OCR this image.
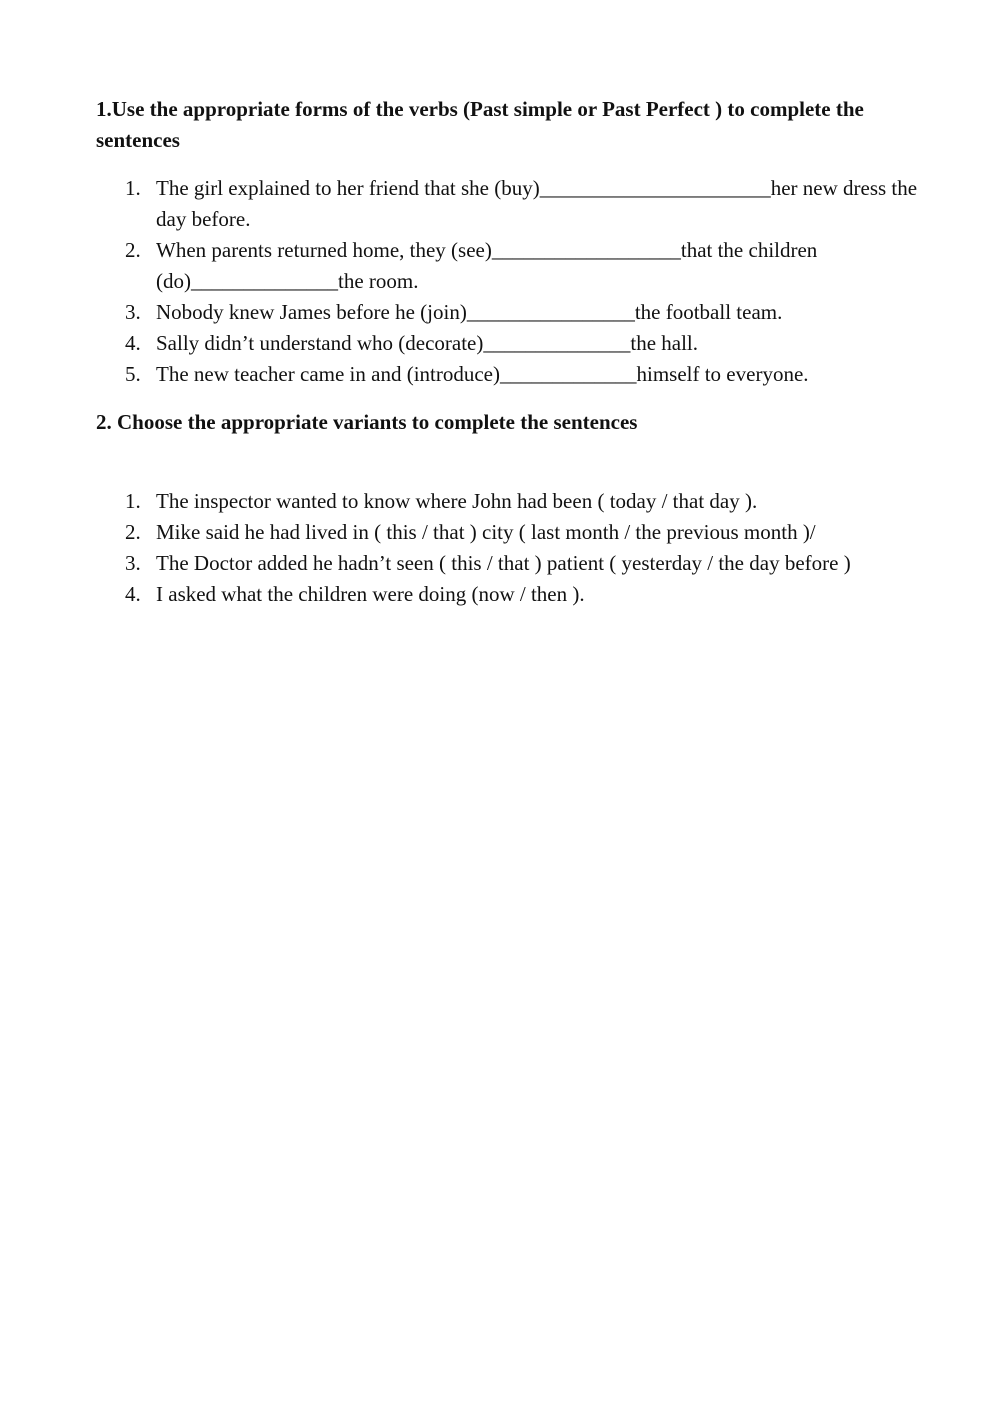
1.Use the appropriate forms of the verbs (Past simple or Past Perfect ) to complete the sentences
1. The girl explained to her friend that she (buy)______________________her new dress the day before.
2. When parents returned home, they (see)__________________that the children (do)______________the room.
3. Nobody knew James before he (join)________________the football team.
4. Sally didn’t understand who (decorate)______________the hall.
5. The new teacher came in and (introduce)_____________himself to everyone.
2. Choose the appropriate variants to complete the sentences
1. The inspector wanted to know where John had been ( today / that day ).
2. Mike said he had lived in ( this / that ) city ( last month / the previous month )/
3. The Doctor added he hadn’t seen ( this / that ) patient ( yesterday / the day before )
4. I asked what the children were doing (now / then ).
